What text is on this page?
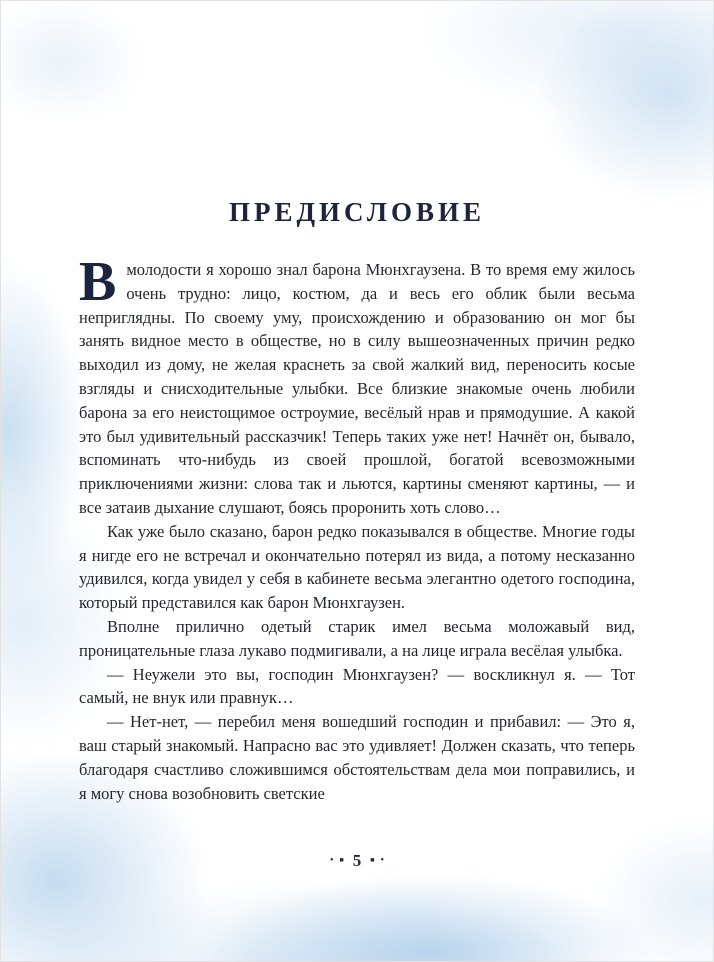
ПРЕДИСЛОВИЕ

Вмолодости я хорошо знал барона Мюнхгаузена. В то время ему жилось очень трудно: лицо, костюм, да и весь его облик были весьма неприглядны. По своему уму, происхождению и образованию он мог бы занять видное место в обществе, но в силу вышеозначенных причин редко выходил из дому, не желая краснеть за свой жалкий вид, переносить косые взгляды и снисходительные улыбки. Все близкие знакомые очень любили барона за его неистощимое остроумие, весёлый нрав и прямодушие. А какой это был удивительный рассказчик! Теперь таких уже нет! Начнёт он, бывало, вспоминать что-нибудь из своей прошлой, богатой всевозможными приключениями жизни: слова так и льются, картины сменяют картины, — и все затаив дыхание слушают, боясь проронить хоть слово…

Как уже было сказано, барон редко показывался в обществе. Многие годы я нигде его не встречал и окончательно потерял из вида, а потому несказанно удивился, когда увидел у себя в кабинете весьма элегантно одетого господина, который представился как барон Мюнхгаузен.

Вполне прилично одетый старик имел весьма моложавый вид, проницательные глаза лукаво подмигивали, а на лице играла весёлая улыбка.

— Неужели это вы, господин Мюнхгаузен? — воскликнул я. — Тот самый, не внук или правнук…

— Нет-нет, — перебил меня вошедший господин и прибавил: — Это я, ваш старый знакомый. Напрасно вас это удивляет! Должен сказать, что теперь благодаря счастливо сложившимся обстоятельствам дела мои поправились, и я могу снова возобновить светские

• ■ 5 ■ •
